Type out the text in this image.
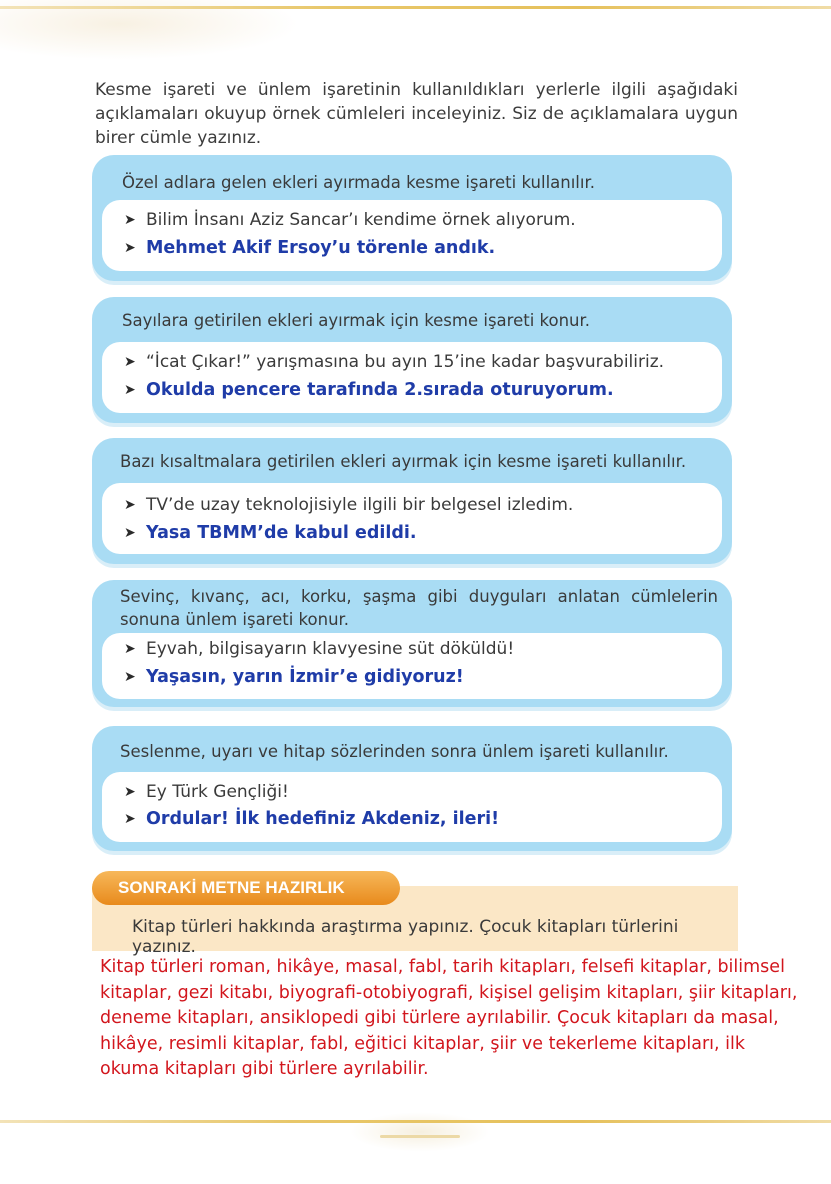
Kesme işareti ve ünlem işaretinin kullanıldıkları yerlerle ilgili aşağıdaki açıklamaları okuyup örnek cümleleri inceleyiniz. Siz de açıklamalara uygun birer cümle yazınız.

Özel adlara gelen ekleri ayırmada kesme işareti kullanılır.
➤ Bilim İnsanı Aziz Sancar’ı kendime örnek alıyorum.
➤ Mehmet Akif Ersoy’u törenle andık.
Sayılara getirilen ekleri ayırmak için kesme işareti konur.
➤ “İcat Çıkar!” yarışmasına bu ayın 15’ine kadar başvurabiliriz.
➤ Okulda pencere tarafında 2.sırada oturuyorum.
Bazı kısaltmalara getirilen ekleri ayırmak için kesme işareti kullanılır.
➤ TV’de uzay teknolojisiyle ilgili bir belgesel izledim.
➤ Yasa TBMM’de kabul edildi.
Sevinç, kıvanç, acı, korku, şaşma gibi duyguları anlatan cümlelerin sonuna ünlem işareti konur.
➤ Eyvah, bilgisayarın klavyesine süt döküldü!
➤ Yaşasın, yarın İzmir’e gidiyoruz!
Seslenme, uyarı ve hitap sözlerinden sonra ünlem işareti kullanılır.
➤ Ey Türk Gençliği!
➤ Ordular! İlk hedefiniz Akdeniz, ileri!
SONRAKİ METNE HAZIRLIK
Kitap türleri hakkında araştırma yapınız. Çocuk kitapları türlerini yazınız.
Kitap türleri roman, hikâye, masal, fabl, tarih kitapları, felsefi kitaplar, bilimsel kitaplar, gezi kitabı, biyografi-otobiyografi, kişisel gelişim kitapları, şiir kitapları, deneme kitapları, ansiklopedi gibi türlere ayrılabilir. Çocuk kitapları da masal, hikâye, resimli kitaplar, fabl, eğitici kitaplar, şiir ve tekerleme kitapları, ilk okuma kitapları gibi türlere ayrılabilir.
